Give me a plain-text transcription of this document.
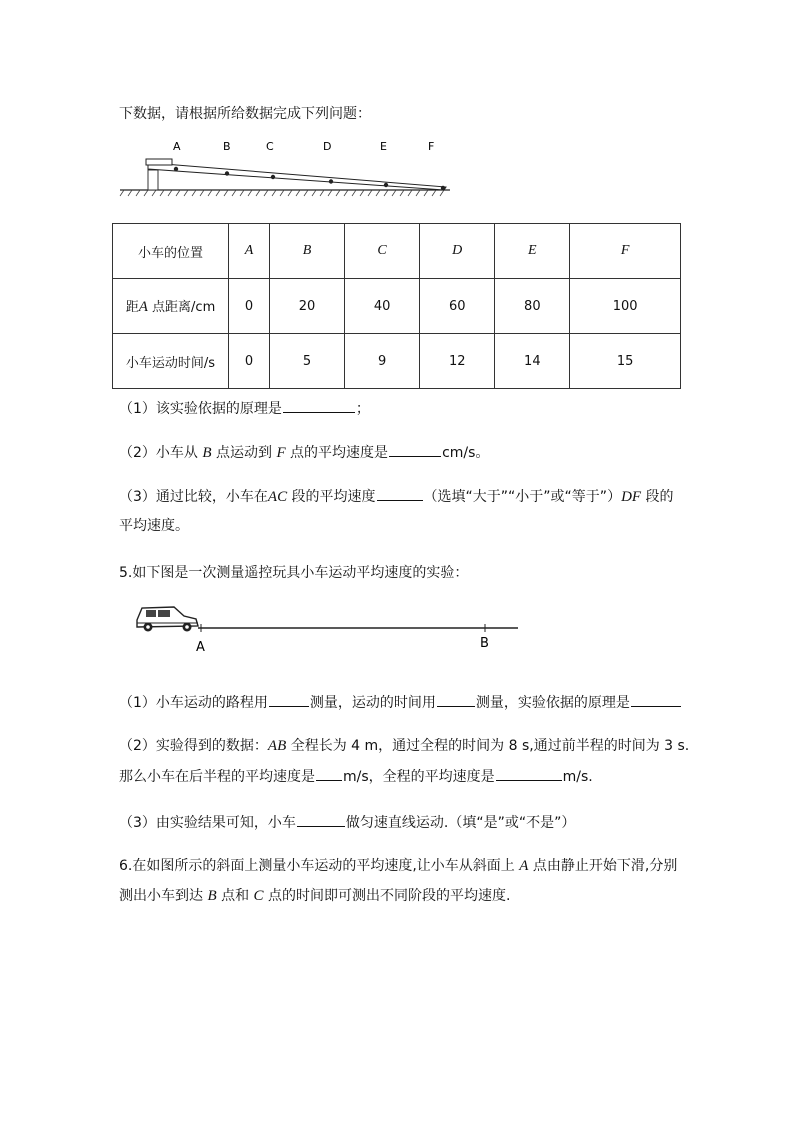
下数据，请根据所给数据完成下列问题：
A	B	C	D	E	F
小车的位置	A	B	C	D	E	F
距A 点距离/cm	0	20	40	60	80	100
小车运动时间/s	0	5	9	12	14	15
（1）该实验依据的原理是	；
（2）小车从 B 点运动到 F 点的平均速度是	cm/s。
（3）通过比较，小车在AC 段的平均速度	（选填“大于”“小于”或“等于”）DF 段的
平均速度。
5.如下图是一次测量遥控玩具小车运动平均速度的实验：
A	B
（1）小车运动的路程用	测量，运动的时间用	测量，实验依据的原理是
（2）实验得到的数据：AB 全程长为 4 m，通过全程的时间为 8 s,通过前半程的时间为 3 s.
那么小车在后半程的平均速度是 m/s，全程的平均速度是	m/s.
（3）由实验结果可知，小车	做匀速直线运动.（填“是”或“不是”）
6.在如图所示的斜面上测量小车运动的平均速度,让小车从斜面上 A 点由静止开始下滑,分别
测出小车到达 B 点和 C 点的时间即可测出不同阶段的平均速度.
